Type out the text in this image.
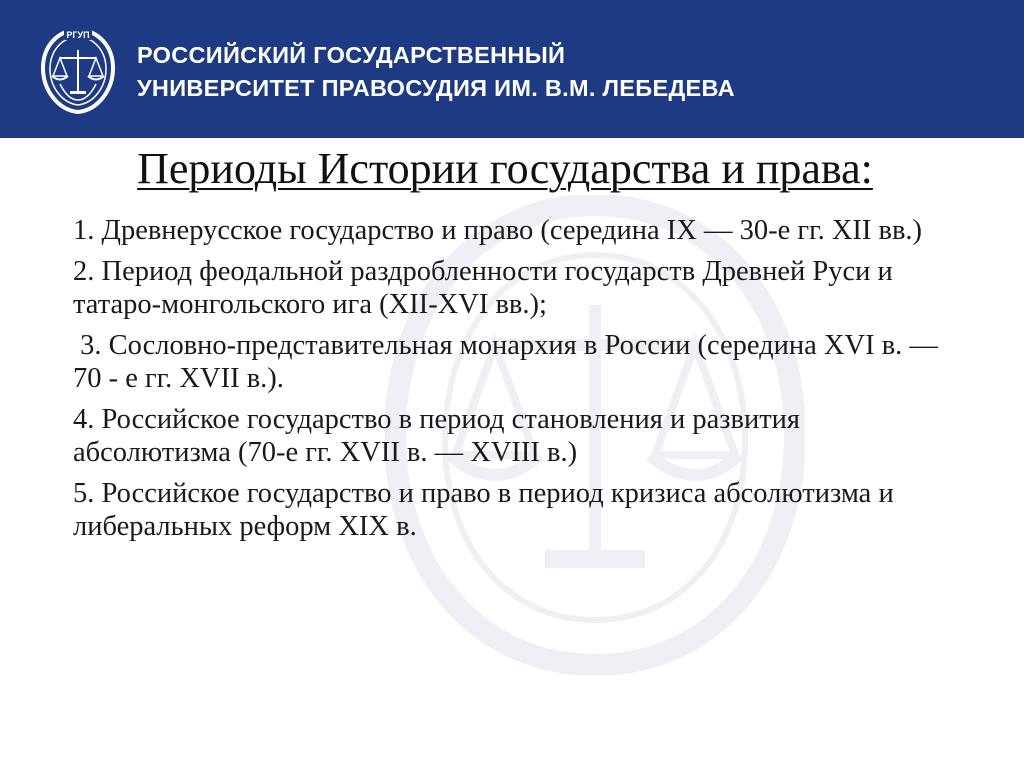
РГУП
РОССИЙСКИЙ ГОСУДАРСТВЕННЫЙ
УНИВЕРСИТЕТ ПРАВОСУДИЯ ИМ. В.М. ЛЕБЕДЕВА
Периоды Истории государства и права:
1. Древнерусское государство и право (середина IX — 30-е гг. XII вв.)
2. Период феодальной раздробленности государств Древней Руси и татаро-монгольского ига (XII-XVI вв.);
3. Сословно-представительная монархия в России (середина XVI в. — 70 - е гг. XVII в.).
4. Российское государство в период становления и развития абсолютизма (70-е гг. XVII в. — XVIII в.)
5. Российское государство и право в период кризиса абсолютизма и либеральных реформ XIX в.
